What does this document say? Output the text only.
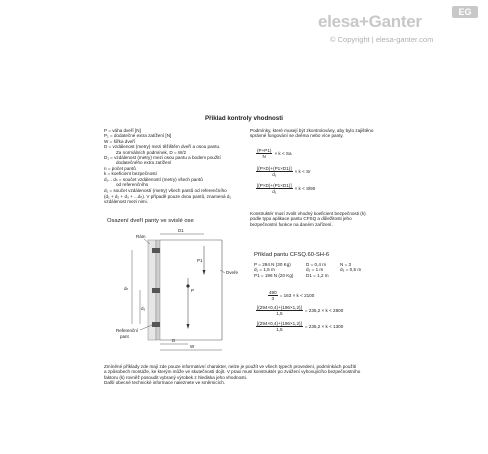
elesa+Ganter	EG
© Copyright | elesa-ganter.com
Příklad kontroly vhodnosti
P = váha dveří [N]
P₁ = dodatečné extra zatížení [N]
W = šířka dveří
D = vzdálenost (metry) mezi těžištěm dveří a osou pantu.
Za normálních podmínek, D = W/2
D₁ = vzdálenost (metry) mezi osou pantu a bodem použití
dodatečného extra zatížení
n = počet pantů
k = koeficient bezpečnosti
d₁... dₙ = součet vzdáleností (metry) všech pantů
od referenčního
d₁ = součet vzdáleností (metry) všech pantů od referenčního
(d₁ + d₂ + d₃ + ...dₙ). V případě pouze dvou pantů, znamená d₁
vzdálenost mezi nimi.
Podmínky, které musejí být zkontrolovány, aby bylo zajištěno
správné fungování se dvěma nebo více panty.
$\frac{(P+P1)}{N} \times k < Sa$
$\frac{[(P\times D)+(P1\times D1)]}{\text{d₁}} \times k < Sr$
$\frac{[(P\times D)+(P1\times D1)]}{\text{d₁}} \times k < Sl90$
Osazení dveří panty ve svislé ose
D1
P1
P
Rám
Dveře
Referenční
pant
dₙ
d₂
D
W
Konstruktér musí zvolit vhodný koeficient bezpečnosti (k)
podle typu aplikace pantu CFSQ a důležitosti jeho
bezpečnostní funkce na daném zařízení.
Příklad pantu CFSQ.60-SH-6
P = 294 N (30 Kg)	D = 0,4 m	N = 3
d₁ = 1,5 m	d₂ = 1 m	d₃ = 0,5 m
P1 = 196 N (20 Kg)	D1 = 1,2 m
$\frac{490}{3} = 163 \times k < 2100$
$\frac{[(294\times 0,4)+(196\times 1,2)]}{1,5} = 235,2 \times k < 2800$
$\frac{[(294\times 0,4)+(196\times 1,2)]}{1,5} = 235,2 \times k < 1300$
Zmíněné příklady zde mají zde pouze informativní charakter, nelze je použít ve všech typech provedení, podmínkách použití
a způsobech montáže, ke kterým může ve skutečnosti dojít. V praxi musí konstruktér po zvážení vyhovujícího bezpečnostního
faktoru (k) rovněž posoudit vybraný výrobek z hlediska jeho vhodnosti.
Další obecné technické informace naleznete ve směrnicích.
